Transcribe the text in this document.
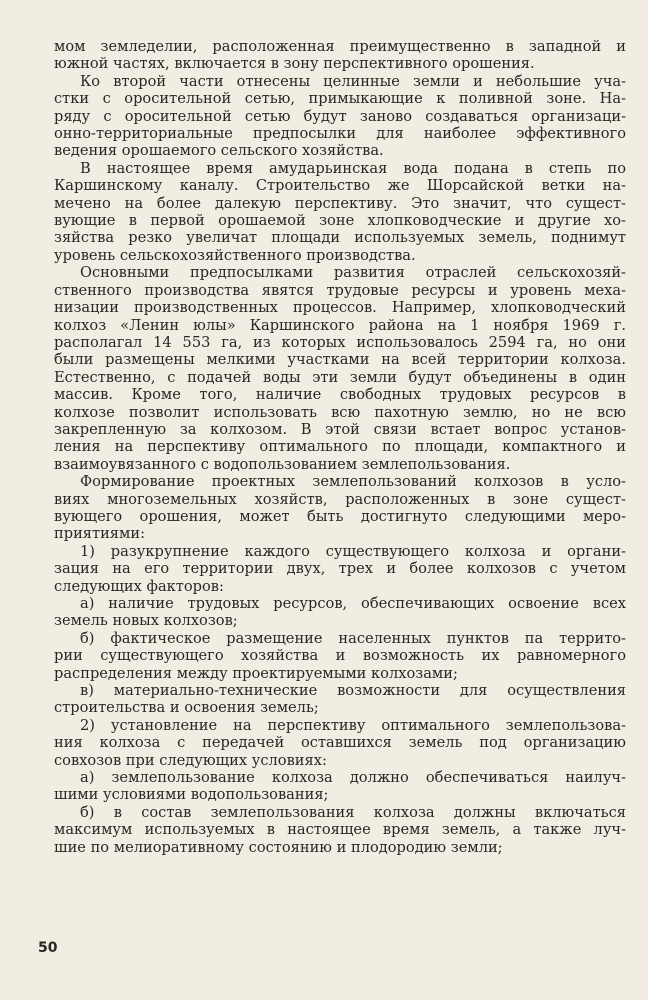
мом земледелии, расположенная преимущественно в западной и
южной частях, включается в зону перспективного орошения.
Ко второй части отнесены целинные земли и небольшие уча-
стки с оросительной сетью, примыкающие к поливной зоне. На-
ряду с оросительной сетью будут заново создаваться организаци-
онно-территориальные предпосылки для наиболее эффективного
ведения орошаемого сельского хозяйства.
В настоящее время амударьинская вода подана в степь по
Каршинскому каналу. Строительство же Шорсайской ветки на-
мечено на более далекую перспективу. Это значит, что сущест-
вующие в первой орошаемой зоне хлопководческие и другие хо-
зяйства резко увеличат площади используемых земель, поднимут
уровень сельскохозяйственного производства.
Основными предпосылками развития отраслей сельскохозяй-
ственного производства явятся трудовые ресурсы и уровень меха-
низации производственных процессов. Например, хлопководческий
колхоз «Ленин юлы» Каршинского района на 1 ноября 1969 г.
располагал 14 553 га, из которых использовалось 2594 га, но они
были размещены мелкими участками на всей территории колхоза.
Естественно, с подачей воды эти земли будут объединены в один
массив. Кроме того, наличие свободных трудовых ресурсов в
колхозе позволит использовать всю пахотную землю, но не всю
закрепленную за колхозом. В этой связи встает вопрос установ-
ления на перспективу оптимального по площади, компактного и
взаимоувязанного с водопользованием землепользования.
Формирование проектных землепользований колхозов в усло-
виях многоземельных хозяйств, расположенных в зоне сущест-
вующего орошения, может быть достигнуто следующими меро-
приятиями:
1) разукрупнение каждого существующего колхоза и органи-
зация на его территории двух, трех и более колхозов с учетом
следующих факторов:
а) наличие трудовых ресурсов, обеспечивающих освоение всех
земель новых колхозов;
б) фактическое размещение населенных пунктов па террито-
рии существующего хозяйства и возможность их равномерного
распределения между проектируемыми колхозами;
в) материально-технические возможности для осуществления
строительства и освоения земель;
2) установление на перспективу оптимального землепользова-
ния колхоза с передачей оставшихся земель под организацию
совхозов при следующих условиях:
а) землепользование колхоза должно обеспечиваться наилуч-
шими условиями водопользования;
б) в состав землепользования колхоза должны включаться
максимум используемых в настоящее время земель, а также луч-
шие по мелиоративному состоянию и плодородию земли;
50
